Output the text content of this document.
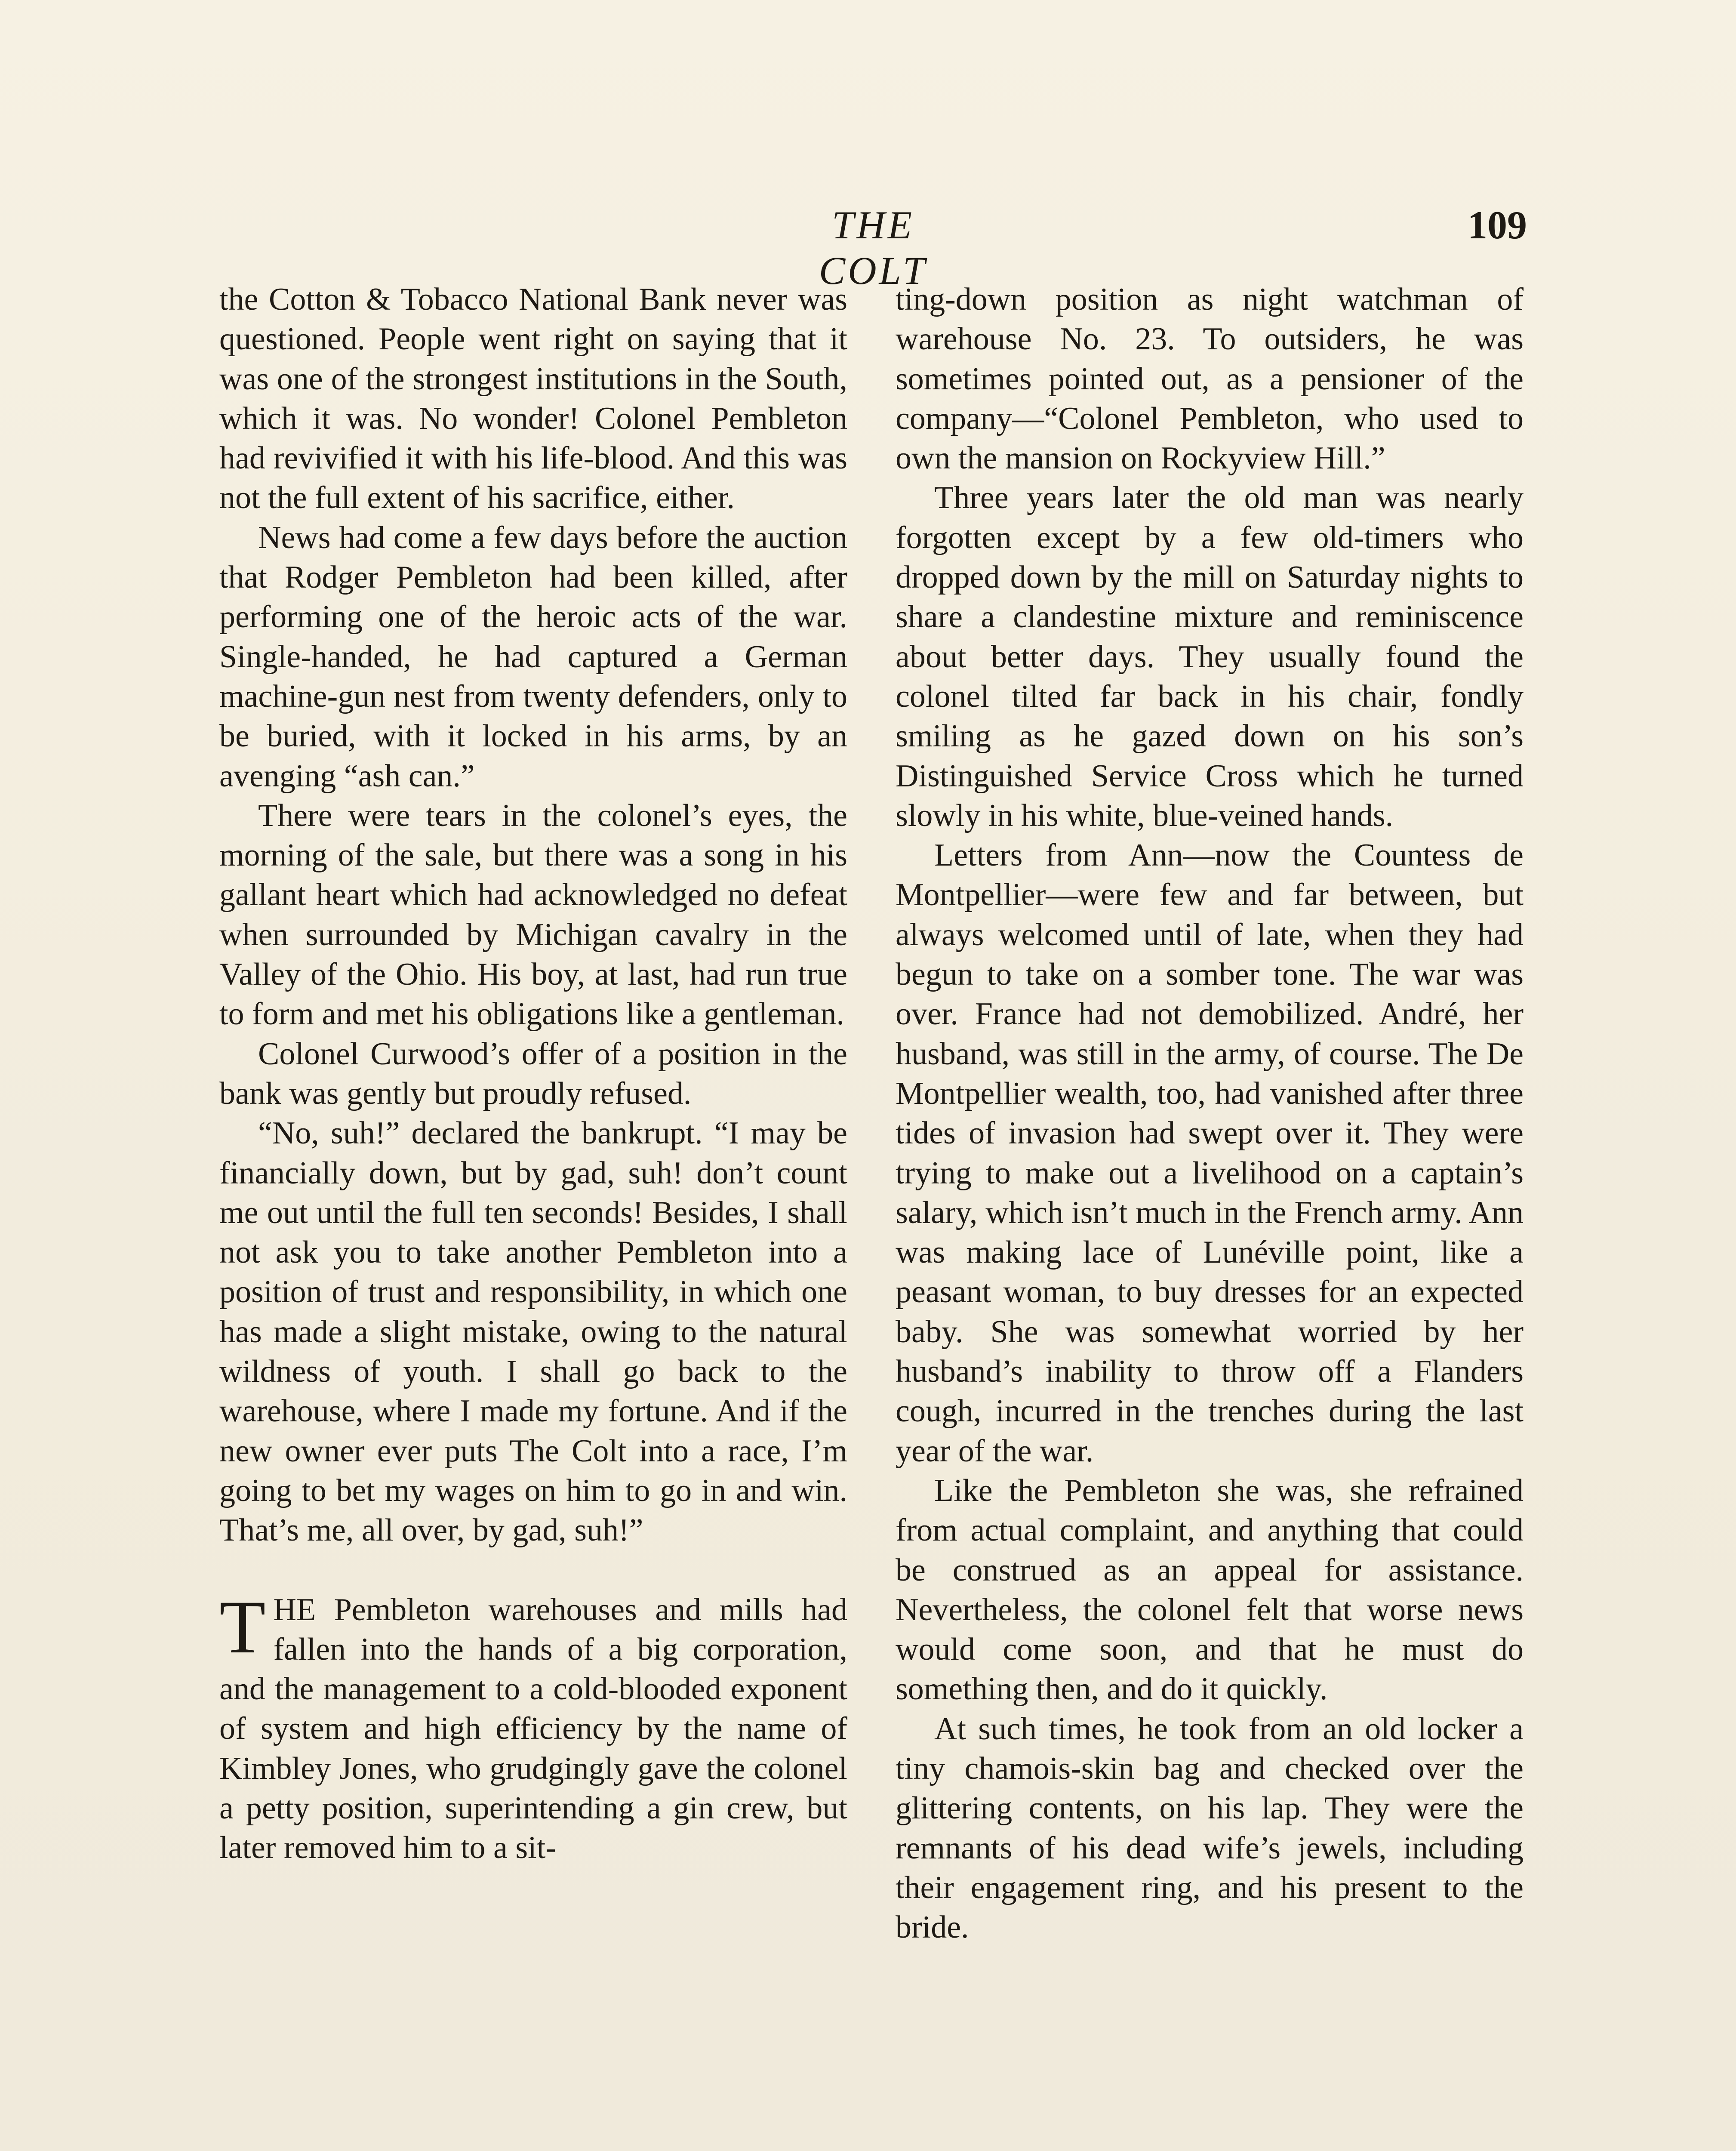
THE COLT
109

the Cotton & Tobacco National Bank never was questioned. People went right on saying that it was one of the strongest institutions in the South, which it was. No wonder! Colonel Pembleton had revivified it with his life-blood. And this was not the full extent of his sacrifice, either.

News had come a few days before the auction that Rodger Pembleton had been killed, after performing one of the heroic acts of the war. Single-handed, he had captured a German machine-gun nest from twenty defenders, only to be buried, with it locked in his arms, by an avenging “ash can.”

There were tears in the colonel’s eyes, the morning of the sale, but there was a song in his gallant heart which had acknowledged no defeat when surrounded by Michigan cavalry in the Valley of the Ohio. His boy, at last, had run true to form and met his obligations like a gentleman.

Colonel Curwood’s offer of a position in the bank was gently but proudly refused.

“No, suh!” declared the bankrupt. “I may be financially down, but by gad, suh! don’t count me out until the full ten seconds! Besides, I shall not ask you to take another Pembleton into a position of trust and responsibility, in which one has made a slight mistake, owing to the natural wildness of youth. I shall go back to the warehouse, where I made my fortune. And if the new owner ever puts The Colt into a race, I’m going to bet my wages on him to go in and win. That’s me, all over, by gad, suh!”

THE Pembleton warehouses and mills had fallen into the hands of a big corporation, and the management to a cold-blooded exponent of system and high efficiency by the name of Kimbley Jones, who grudgingly gave the colonel a petty position, superintending a gin crew, but later removed him to a sit-

ting-down position as night watchman of warehouse No. 23. To outsiders, he was sometimes pointed out, as a pensioner of the company—“Colonel Pembleton, who used to own the mansion on Rockyview Hill.”

Three years later the old man was nearly forgotten except by a few old-timers who dropped down by the mill on Saturday nights to share a clandestine mixture and reminiscence about better days. They usually found the colonel tilted far back in his chair, fondly smiling as he gazed down on his son’s Distinguished Service Cross which he turned slowly in his white, blue-veined hands.

Letters from Ann—now the Countess de Montpellier—were few and far between, but always welcomed until of late, when they had begun to take on a somber tone. The war was over. France had not demobilized. André, her husband, was still in the army, of course. The De Montpellier wealth, too, had vanished after three tides of invasion had swept over it. They were trying to make out a livelihood on a captain’s salary, which isn’t much in the French army. Ann was making lace of Lunéville point, like a peasant woman, to buy dresses for an expected baby. She was somewhat worried by her husband’s inability to throw off a Flanders cough, incurred in the trenches during the last year of the war.

Like the Pembleton she was, she refrained from actual complaint, and anything that could be construed as an appeal for assistance. Nevertheless, the colonel felt that worse news would come soon, and that he must do something then, and do it quickly.

At such times, he took from an old locker a tiny chamois-skin bag and checked over the glittering contents, on his lap. They were the remnants of his dead wife’s jewels, including their engagement ring, and his present to the bride.
